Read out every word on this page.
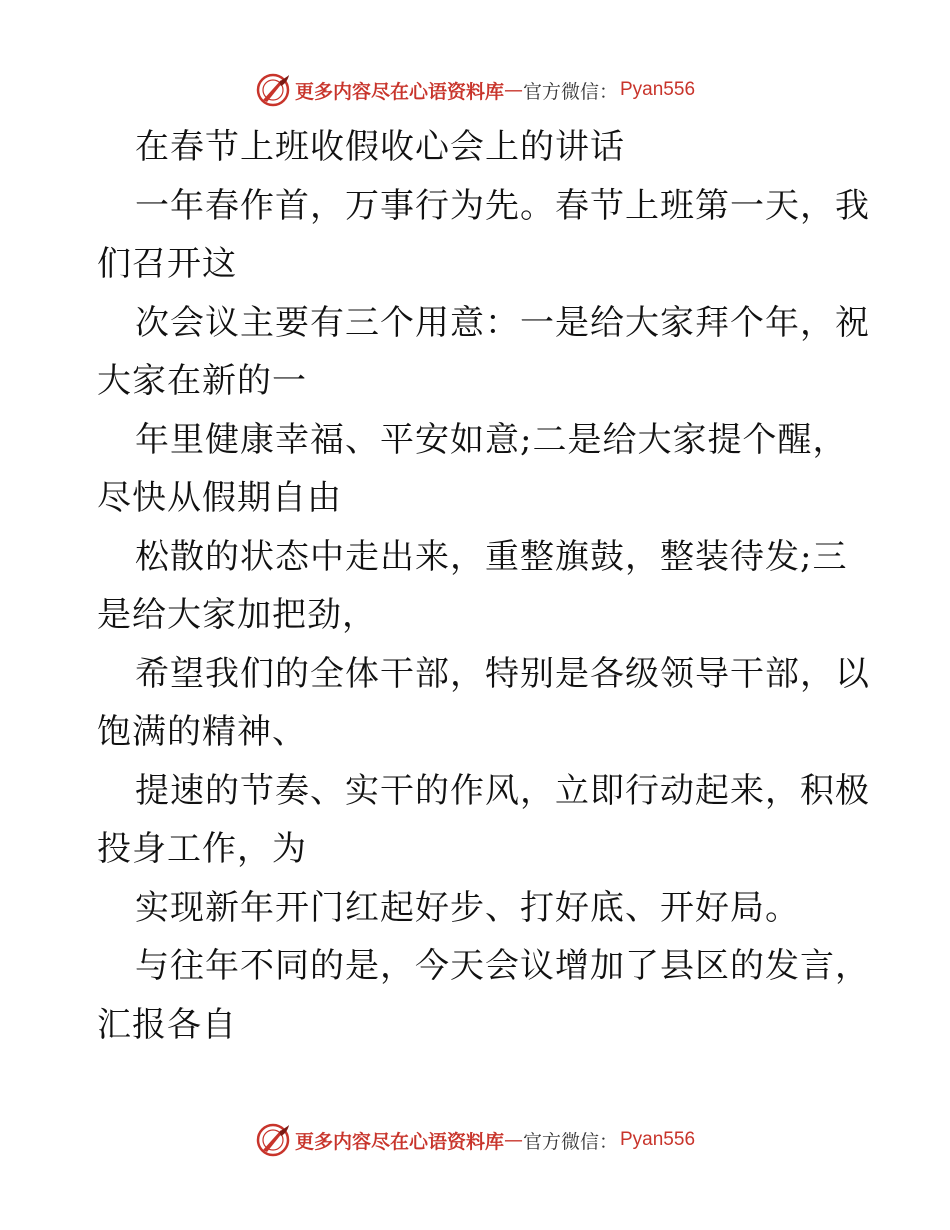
更多内容尽在心语资料库 — 官方微信： Pyan556
在春节上班收假收心会上的讲话
一年春作首，万事行为先。春节上班第一天，我
们召开这
次会议主要有三个用意：一是给大家拜个年，祝
大家在新的一
年里健康幸福、平安如意;二是给大家提个醒，
尽快从假期自由
松散的状态中走出来，重整旗鼓，整装待发;三
是给大家加把劲，
希望我们的全体干部，特别是各级领导干部，以
饱满的精神、
提速的节奏、实干的作风，立即行动起来，积极
投身工作，为
实现新年开门红起好步、打好底、开好局。
与往年不同的是，今天会议增加了县区的发言，
汇报各自
更多内容尽在心语资料库 — 官方微信： Pyan556
